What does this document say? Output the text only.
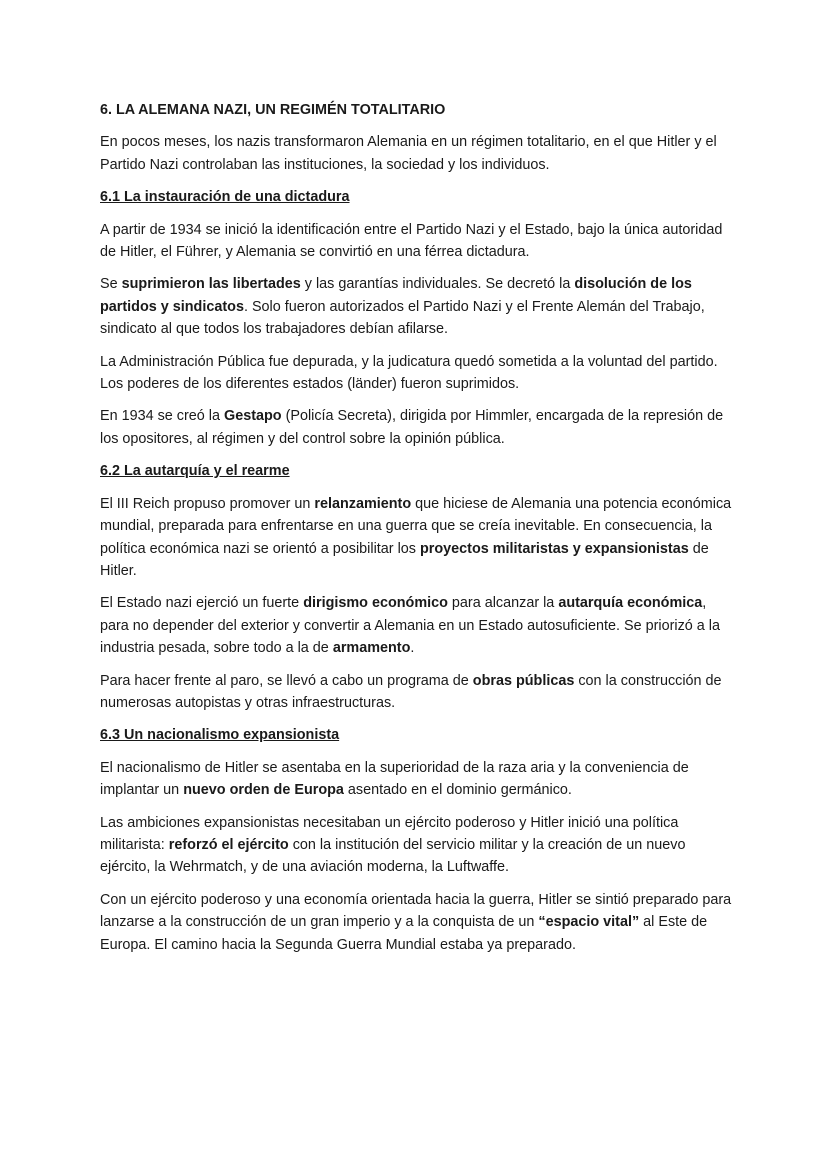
6. LA ALEMANA NAZI, UN REGIMÉN TOTALITARIO

En pocos meses, los nazis transformaron Alemania en un régimen totalitario, en el que Hitler y el Partido Nazi controlaban las instituciones, la sociedad y los individuos.

6.1 La instauración de una dictadura

A partir de 1934 se inició la identificación entre el Partido Nazi y el Estado, bajo la única autoridad de Hitler, el Führer, y Alemania se convirtió en una férrea dictadura.

Se suprimieron las libertades y las garantías individuales. Se decretó la disolución de los partidos y sindicatos. Solo fueron autorizados el Partido Nazi y el Frente Alemán del Trabajo, sindicato al que todos los trabajadores debían afilarse.

La Administración Pública fue depurada, y la judicatura quedó sometida a la voluntad del partido. Los poderes de los diferentes estados (länder) fueron suprimidos.

En 1934 se creó la Gestapo (Policía Secreta), dirigida por Himmler, encargada de la represión de los opositores, al régimen y del control sobre la opinión pública.

6.2 La autarquía y el rearme

El III Reich propuso promover un relanzamiento que hiciese de Alemania una potencia económica mundial, preparada para enfrentarse en una guerra que se creía inevitable. En consecuencia, la política económica nazi se orientó a posibilitar los proyectos militaristas y expansionistas de Hitler.

El Estado nazi ejerció un fuerte dirigismo económico para alcanzar la autarquía económica, para no depender del exterior y convertir a Alemania en un Estado autosuficiente. Se priorizó a la industria pesada, sobre todo a la de armamento.

Para hacer frente al paro, se llevó a cabo un programa de obras públicas con la construcción de numerosas autopistas y otras infraestructuras.

6.3 Un nacionalismo expansionista

El nacionalismo de Hitler se asentaba en la superioridad de la raza aria y la conveniencia de implantar un nuevo orden de Europa asentado en el dominio germánico.

Las ambiciones expansionistas necesitaban un ejército poderoso y Hitler inició una política militarista: reforzó el ejército con la institución del servicio militar y la creación de un nuevo ejército, la Wehrmatch, y de una aviación moderna, la Luftwaffe.

Con un ejército poderoso y una economía orientada hacia la guerra, Hitler se sintió preparado para lanzarse a la construcción de un gran imperio y a la conquista de un “espacio vital” al Este de Europa. El camino hacia la Segunda Guerra Mundial estaba ya preparado.
